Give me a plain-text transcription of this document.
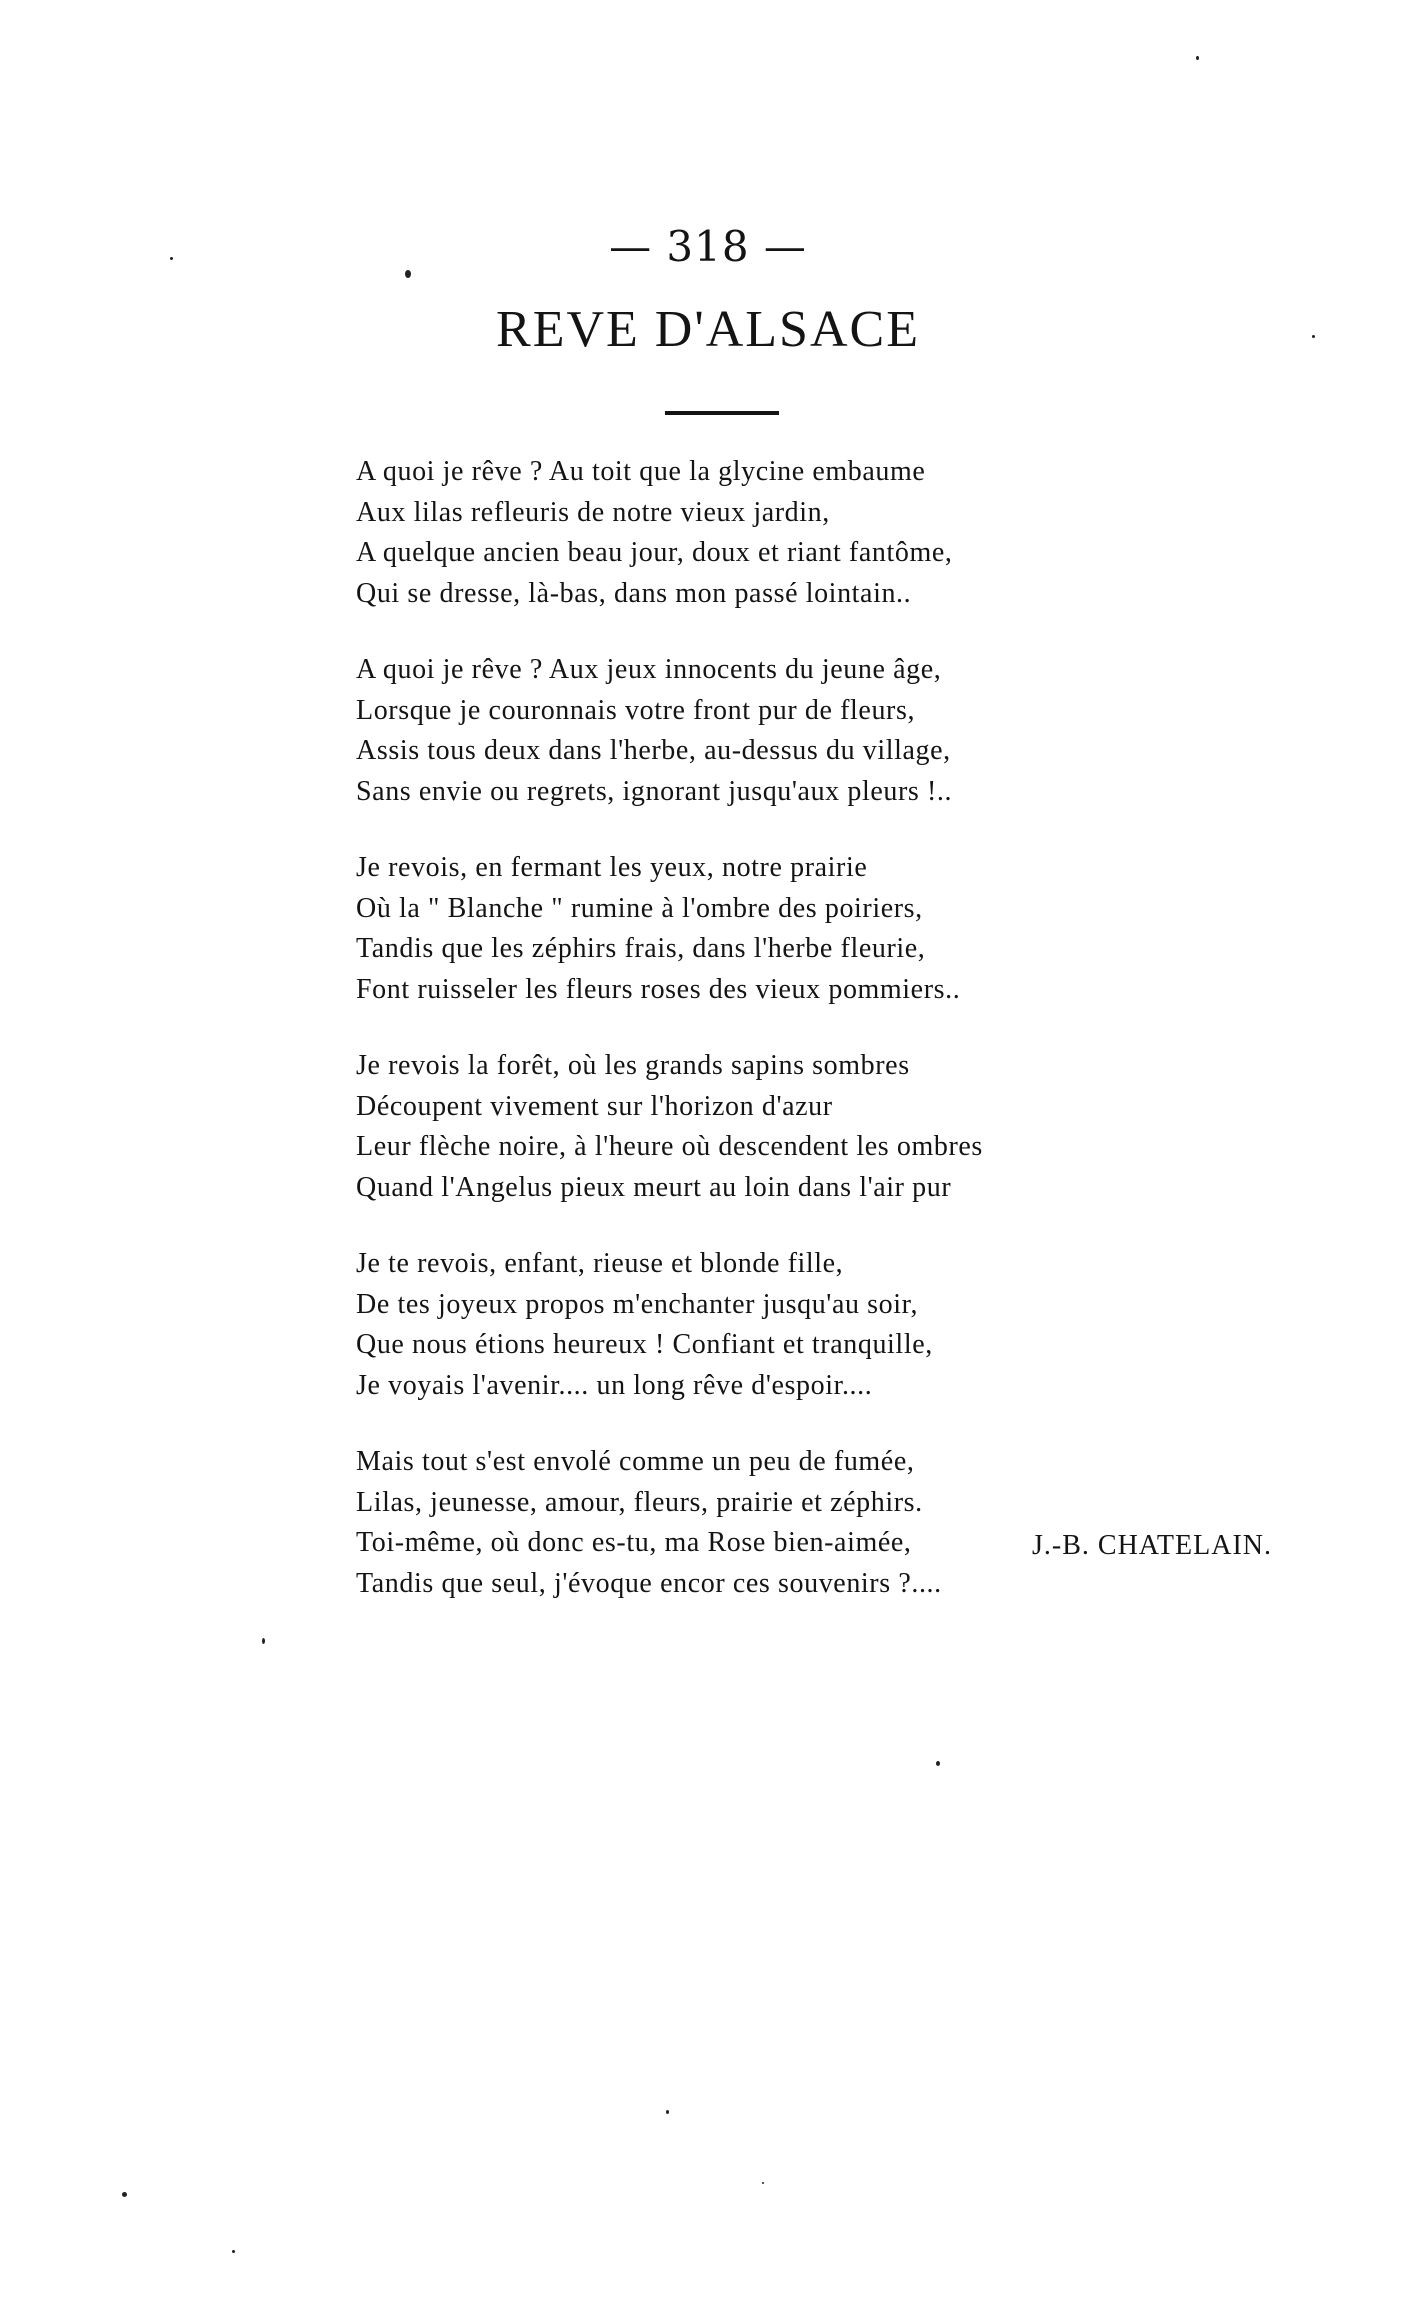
— 318 —
REVE D'ALSACE
A quoi je rêve ? Au toit que la glycine embaume
Aux lilas refleuris de notre vieux jardin,
A quelque ancien beau jour, doux et riant fantôme,
Qui se dresse, là-bas, dans mon passé lointain..
A quoi je rêve ? Aux jeux innocents du jeune âge,
Lorsque je couronnais votre front pur de fleurs,
Assis tous deux dans l'herbe, au-dessus du village,
Sans envie ou regrets, ignorant jusqu'aux pleurs !..
Je revois, en fermant les yeux, notre prairie
Où la " Blanche " rumine à l'ombre des poiriers,
Tandis que les zéphirs frais, dans l'herbe fleurie,
Font ruisseler les fleurs roses des vieux pommiers..
Je revois la forêt, où les grands sapins sombres
Découpent vivement sur l'horizon d'azur
Leur flèche noire, à l'heure où descendent les ombres
Quand l'Angelus pieux meurt au loin dans l'air pur
Je te revois, enfant, rieuse et blonde fille,
De tes joyeux propos m'enchanter jusqu'au soir,
Que nous étions heureux ! Confiant et tranquille,
Je voyais l'avenir.... un long rêve d'espoir....
Mais tout s'est envolé comme un peu de fumée,
Lilas, jeunesse, amour, fleurs, prairie et zéphirs.
Toi-même, où donc es-tu, ma Rose bien-aimée,
Tandis que seul, j'évoque encor ces souvenirs ?....
J.-B. CHATELAIN.
